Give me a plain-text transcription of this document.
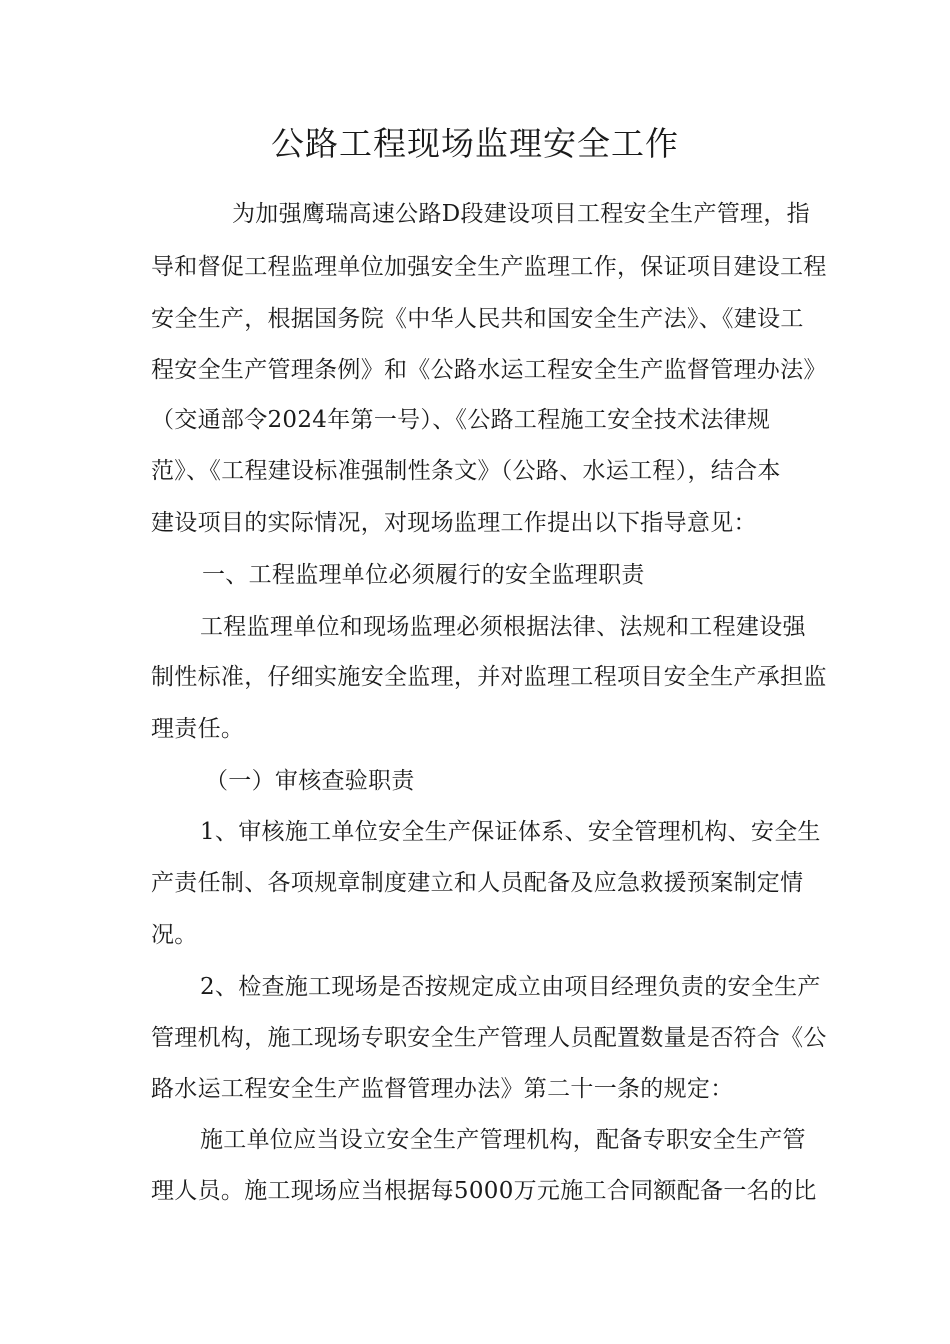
公路工程现场监理安全工作

为加强鹰瑞高速公路D段建设项目工程安全生产管理，指

导和督促工程监理单位加强安全生产监理工作，保证项目建设工程

安全生产，根据国务院《中华人民共和国安全生产法》、《建设工

程安全生产管理条例》和《公路水运工程安全生产监督管理办法》

（交通部令2024年第一号）、《公路工程施工安全技术法律规

范》、《工程建设标准强制性条文》（公路、水运工程），结合本

建设项目的实际情况，对现场监理工作提出以下指导意见：

一、工程监理单位必须履行的安全监理职责

工程监理单位和现场监理必须根据法律、法规和工程建设强

制性标准，仔细实施安全监理，并对监理工程项目安全生产承担监

理责任。

（一）审核查验职责

1、审核施工单位安全生产保证体系、安全管理机构、安全生

产责任制、各项规章制度建立和人员配备及应急救援预案制定情

况。

2、检查施工现场是否按规定成立由项目经理负责的安全生产

管理机构，施工现场专职安全生产管理人员配置数量是否符合《公

路水运工程安全生产监督管理办法》第二十一条的规定：

施工单位应当设立安全生产管理机构，配备专职安全生产管

理人员。施工现场应当根据每5000万元施工合同额配备一名的比
